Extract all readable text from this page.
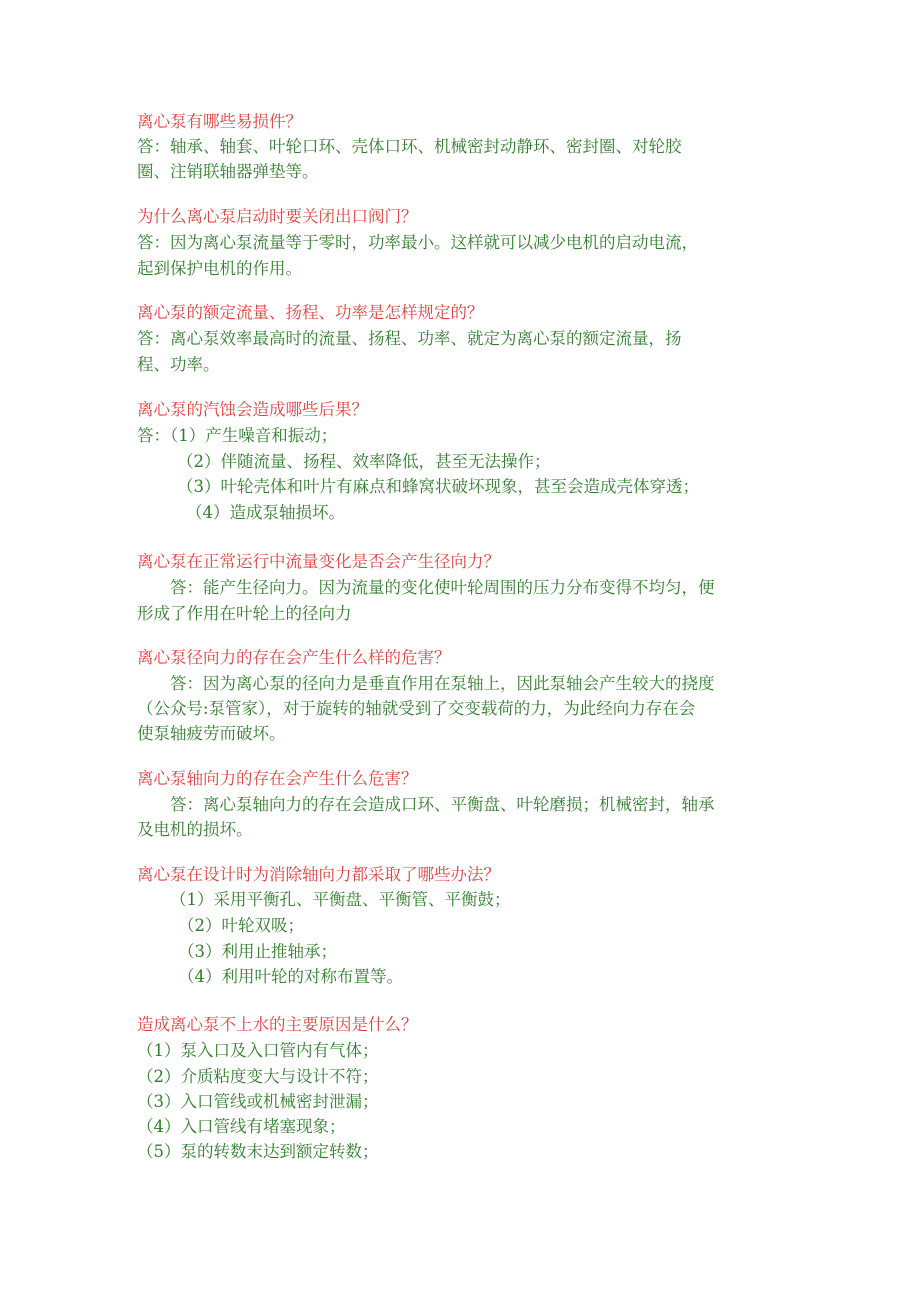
离心泵有哪些易损件？
答：轴承、轴套、叶轮口环、壳体口环、机械密封动静环、密封圈、对轮胶
圈、注销联轴器弹垫等。
为什么离心泵启动时要关闭出口阀门？
答：因为离心泵流量等于零时，功率最小。这样就可以减少电机的启动电流，
起到保护电机的作用。
离心泵的额定流量、扬程、功率是怎样规定的？
答：离心泵效率最高时的流量、扬程、功率、就定为离心泵的额定流量，扬
程、功率。
离心泵的汽蚀会造成哪些后果？
答：（1）产生噪音和振动；
（2）伴随流量、扬程、效率降低，甚至无法操作；
（3）叶轮壳体和叶片有麻点和蜂窝状破坏现象，甚至会造成壳体穿透；
（4）造成泵轴损坏。
离心泵在正常运行中流量变化是否会产生径向力？
答：能产生径向力。因为流量的变化使叶轮周围的压力分布变得不均匀，便
形成了作用在叶轮上的径向力
离心泵径向力的存在会产生什么样的危害？
答：因为离心泵的径向力是垂直作用在泵轴上，因此泵轴会产生较大的挠度
（公众号:泵管家），对于旋转的轴就受到了交变载荷的力，为此经向力存在会
使泵轴疲劳而破坏。
离心泵轴向力的存在会产生什么危害？
答：离心泵轴向力的存在会造成口环、平衡盘、叶轮磨损；机械密封，轴承
及电机的损坏。
离心泵在设计时为消除轴向力都采取了哪些办法？
（1）采用平衡孔、平衡盘、平衡管、平衡鼓；
（2）叶轮双吸；
（3）利用止推轴承；
（4）利用叶轮的对称布置等。
造成离心泵不上水的主要原因是什么？
（1）泵入口及入口管内有气体；
（2）介质粘度变大与设计不符；
（3）入口管线或机械密封泄漏；
（4）入口管线有堵塞现象；
（5）泵的转数末达到额定转数；
